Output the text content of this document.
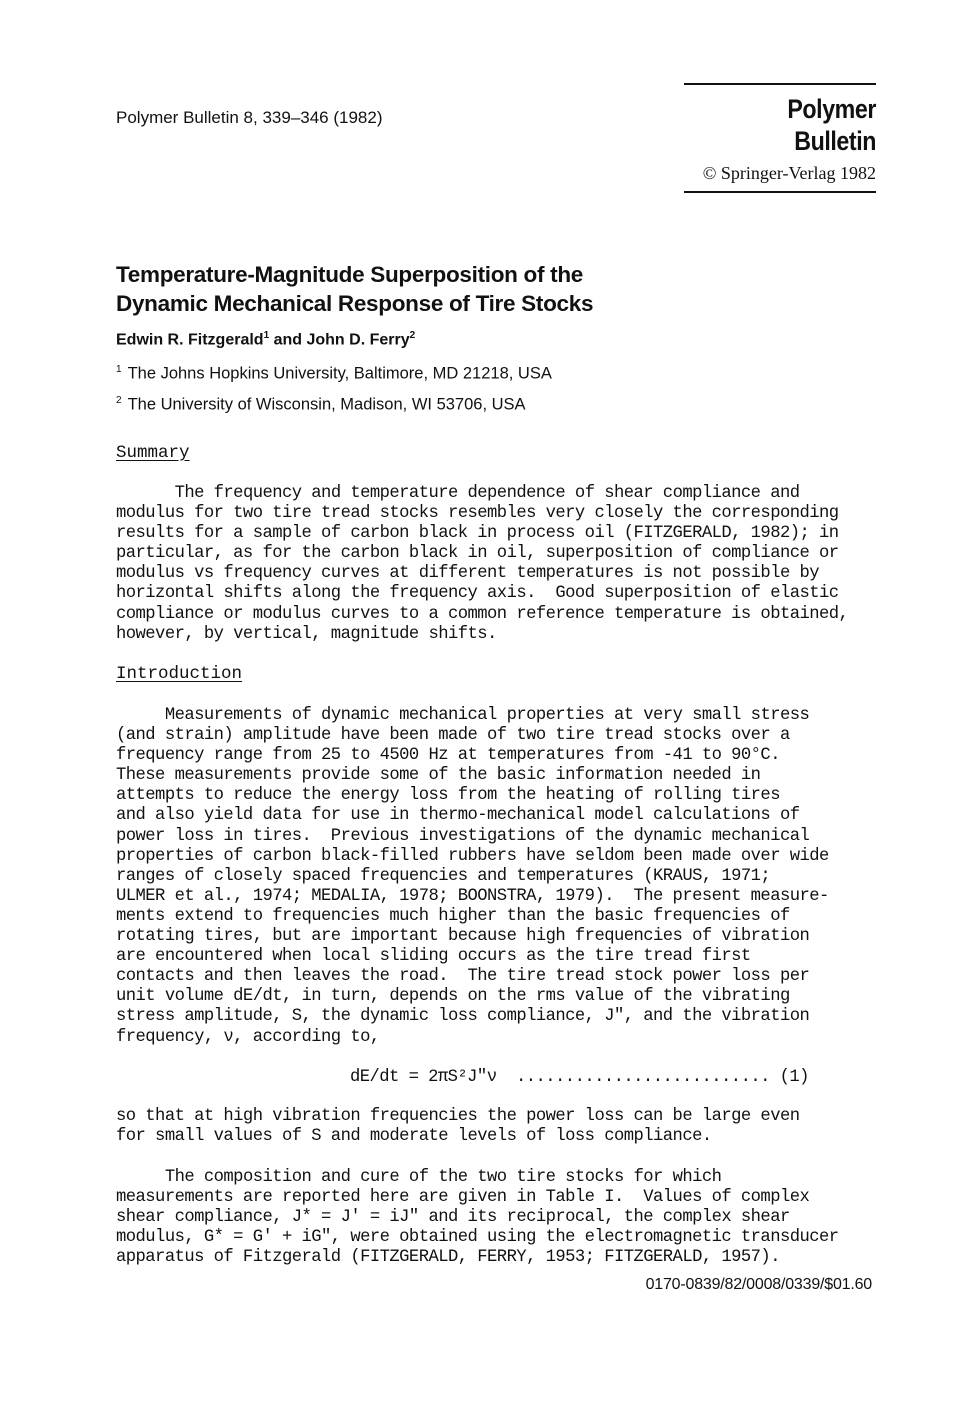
Polymer Bulletin 8, 339–346 (1982)	Polymer Bulletin
© Springer-Verlag 1982
Temperature-Magnitude Superposition of the
Dynamic Mechanical Response of Tire Stocks
Edwin R. Fitzgerald$^1$ and John D. Ferry$^2$
$^1$ The Johns Hopkins University, Baltimore, MD 21218, USA
$^2$ The University of Wisconsin, Madison, WI 53706, USA
Summary

The frequency and temperature dependence of shear compliance and
modulus for two tire tread stocks resembles very closely the corresponding
results for a sample of carbon black in process oil (FITZGERALD, 1982); in
particular, as for the carbon black in oil, superposition of compliance or
modulus vs frequency curves at different temperatures is not possible by
horizontal shifts along the frequency axis.  Good superposition of elastic
compliance or modulus curves to a common reference temperature is obtained,
however, by vertical, magnitude shifts.

Introduction

Measurements of dynamic mechanical properties at very small stress
(and strain) amplitude have been made of two tire tread stocks over a
frequency range from 25 to 4500 Hz at temperatures from -41 to 90°C.
These measurements provide some of the basic information needed in
attempts to reduce the energy loss from the heating of rolling tires
and also yield data for use in thermo-mechanical model calculations of
power loss in tires.  Previous investigations of the dynamic mechanical
properties of carbon black-filled rubbers have seldom been made over wide
ranges of closely spaced frequencies and temperatures (KRAUS, 1971;
ULMER et al., 1974; MEDALIA, 1978; BOONSTRA, 1979).  The present measure-
ments extend to frequencies much higher than the basic frequencies of
rotating tires, but are important because high frequencies of vibration
are encountered when local sliding occurs as the tire tread first
contacts and then leaves the road.  The tire tread stock power loss per
unit volume dE/dt, in turn, depends on the rms value of the vibrating
stress amplitude, S, the dynamic loss compliance, J", and the vibration
frequency, ν, according to,

dE/dt = 2πS²J"ν  .......................... (1)

so that at high vibration frequencies the power loss can be large even
for small values of S and moderate levels of loss compliance.

The composition and cure of the two tire stocks for which
measurements are reported here are given in Table I.  Values of complex
shear compliance, J* = J' = iJ" and its reciprocal, the complex shear
modulus, G* = G' + iG", were obtained using the electromagnetic transducer
apparatus of Fitzgerald (FITZGERALD, FERRY, 1953; FITZGERALD, 1957).

0170-0839/82/0008/0339/$01.60
